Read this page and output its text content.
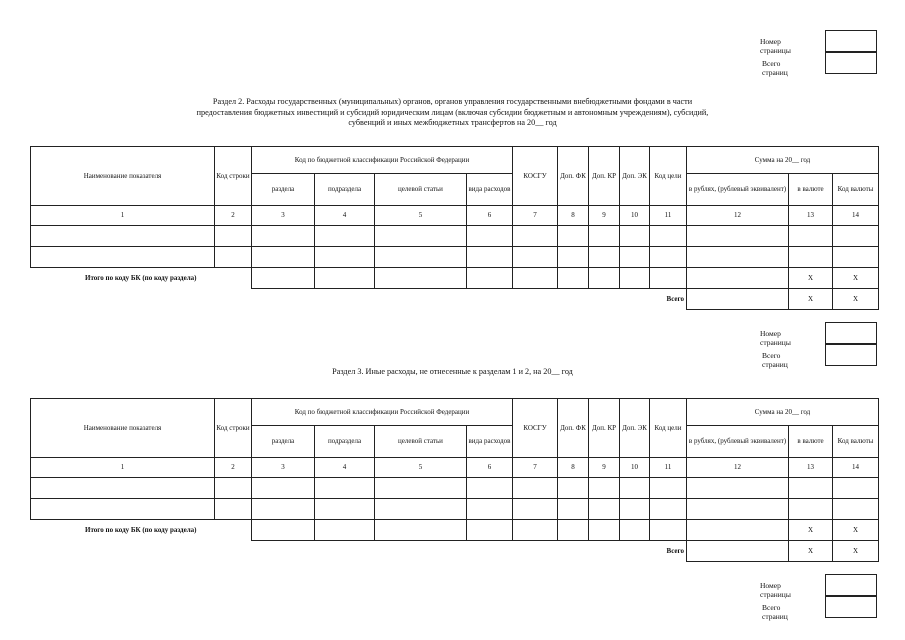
Номер страницы
Всего страниц
Раздел 2. Расходы государственных (муниципальных) органов, органов управления государственными внебюджетными фондами в части
предоставления бюджетных инвестиций и субсидий юридическим лицам (включая субсидии бюджетным и автономным учреждениям), субсидий,
субвенций и иных межбюджетных трансфертов на 20__ год
Наименование показателя	Код строки	Код по бюджетной классификации Российской Федерации				КОСГУ	Доп. ФК	Доп. КР	Доп. ЭК	Код цели	Сумма на 20__ год		
		раздела	подраздела	целевой статьи	вида расходов						в рублях, (рублевый эквивалент)	в валюте	Код валюты
1	2	3	4	5	6	7	8	9	10	11	12	13	14

Итого по коду БК (по коду раздела)												X	X
Всего												X	X
Номер страницы
Всего страниц
Раздел 3. Иные расходы, не отнесенные к разделам 1 и 2, на 20__ год
Наименование показателя	Код строки	Код по бюджетной классификации Российской Федерации				КОСГУ	Доп. ФК	Доп. КР	Доп. ЭК	Код цели	Сумма на 20__ год		
		раздела	подраздела	целевой статьи	вида расходов						в рублях, (рублевый эквивалент)	в валюте	Код валюты
1	2	3	4	5	6	7	8	9	10	11	12	13	14

Итого по коду БК (по коду раздела)												X	X
Всего												X	X
Номер страницы
Всего страниц
